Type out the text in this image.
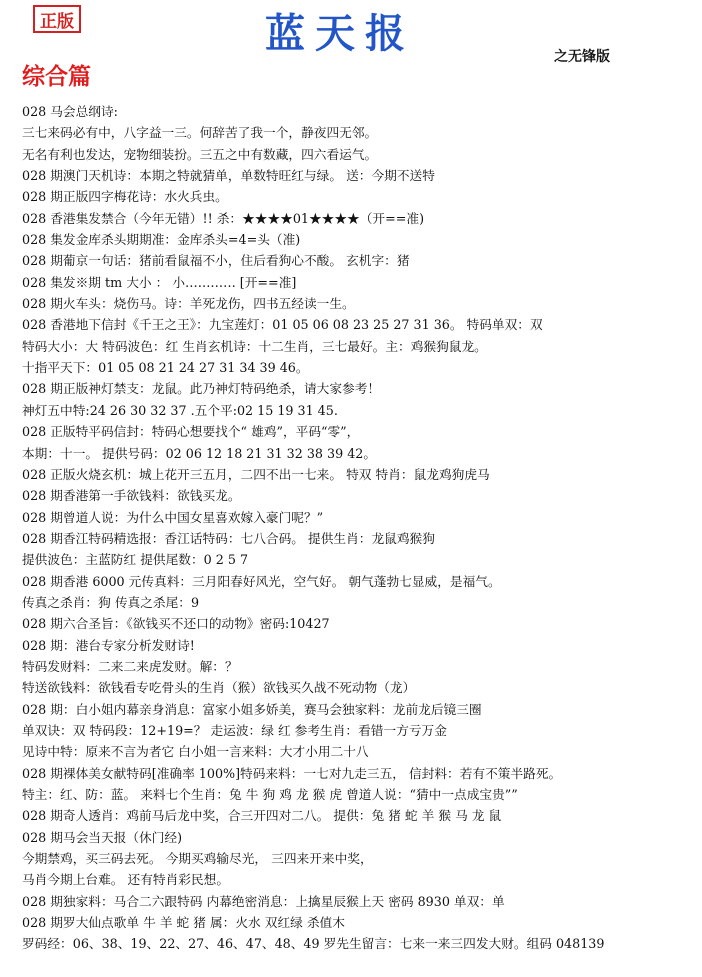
正版	蓝天报	之无锋版
综合篇
028 马会总纲诗:
三七来码必有中，八字益一三。何辞苦了我一个，静夜四无邻。
无名有利也发达，宠物细装扮。三五之中有数藏，四六看运气。
028 期澳门天机诗：本期之特就猜单，单数特旺红与绿。 送：今期不送特
028 期正版四字梅花诗：水火兵虫。
028 香港集发禁合（今年无错）!! 杀：★★★★01★★★★（开==准)
028 集发金库杀头期期准：金库杀头=4=头（准)
028 期葡京一句话：猪前看鼠福不小，住后看狗心不酸。 玄机字：猪
028 集发※期 tm 大小 ： 小………… [开==准]
028 期火车头：烧伤马。诗：羊死龙伤，四书五经读一生。
028 香港地下信封《千王之王》：九宝莲灯：01 05 06 08 23 25 27 31 36。 特码单双：双
特码大小：大 特码波色：红 生肖玄机诗：十二生肖，三七最好。主：鸡猴狗鼠龙。
十指平天下：01 05 08 21 24 27 31 34 39 46。
028 期正版神灯禁支：龙鼠。此乃神灯特码绝杀，请大家参考！
神灯五中特:24 26 30 32 37 .五个平:02 15 19 31 45.
028 正版特平码信封：特码心想要找个“ 雄鸡”，平码“零”，
本期：十一。 提供号码：02 06 12 18 21 31 32 38 39 42。
028 正版火烧玄机：城上花开三五月，二四不出一七来。 特双 特肖：鼠龙鸡狗虎马
028 期香港第一手欲钱料：欲钱买龙。
028 期曾道人说：为什么中国女星喜欢嫁入豪门呢？”
028 期香江特码精选报：香江话特码：七八合码。 提供生肖：龙鼠鸡猴狗
提供波色：主蓝防红 提供尾数：0 2 5 7
028 期香港 6000 元传真料：三月阳春好风光，空气好。 朝气蓬勃七显威，是福气。
传真之杀肖：狗 传真之杀尾：9
028 期六合圣旨：《欲钱买不还口的动物》密码:10427
028 期：港台专家分析发财诗!
特码发财料：二来二来虎发财。解：？
特送欲钱料：欲钱看专吃骨头的生肖（猴）欲钱买久战不死动物（龙）
028 期：白小姐内幕亲身消息：富家小姐多娇美，赛马会独家料：龙前龙后镜三圈
单双诀：双 特码段：12+19=？ 走运波：绿 红 参考生肖：看错一方亏万金
见诗中特：原来不言为者它 白小姐一言来料：大才小用二十八
028 期裸体美女献特码[准确率 100%]特码来料：一七对九走三五， 信封料：若有不策半路死。
特主：红、防：蓝。 来料七个生肖：兔 牛 狗 鸡 龙 猴 虎 曾道人说：“猜中一点成宝贵””
028 期奇人透肖：鸡前马后龙中奖，合三开四对二八。 提供：兔 猪 蛇 羊 猴 马 龙 鼠
028 期马会当天报（休门经)
今期禁鸡，买三码去死。 今期买鸡输尽光， 三四来开来中奖，
马肖今期上台难。 还有特肖彩民想。
028 期独家料：马合二六跟特码 内幕绝密消息：上擒星辰猴上天 密码 8930 单双：单
028 期罗大仙点歌单 牛 羊 蛇 猪 属：火水 双红绿 杀值木
罗码经：06、38、19、22、27、46、47、48、49 罗先生留言：七来一来三四发大财。组码 048139
